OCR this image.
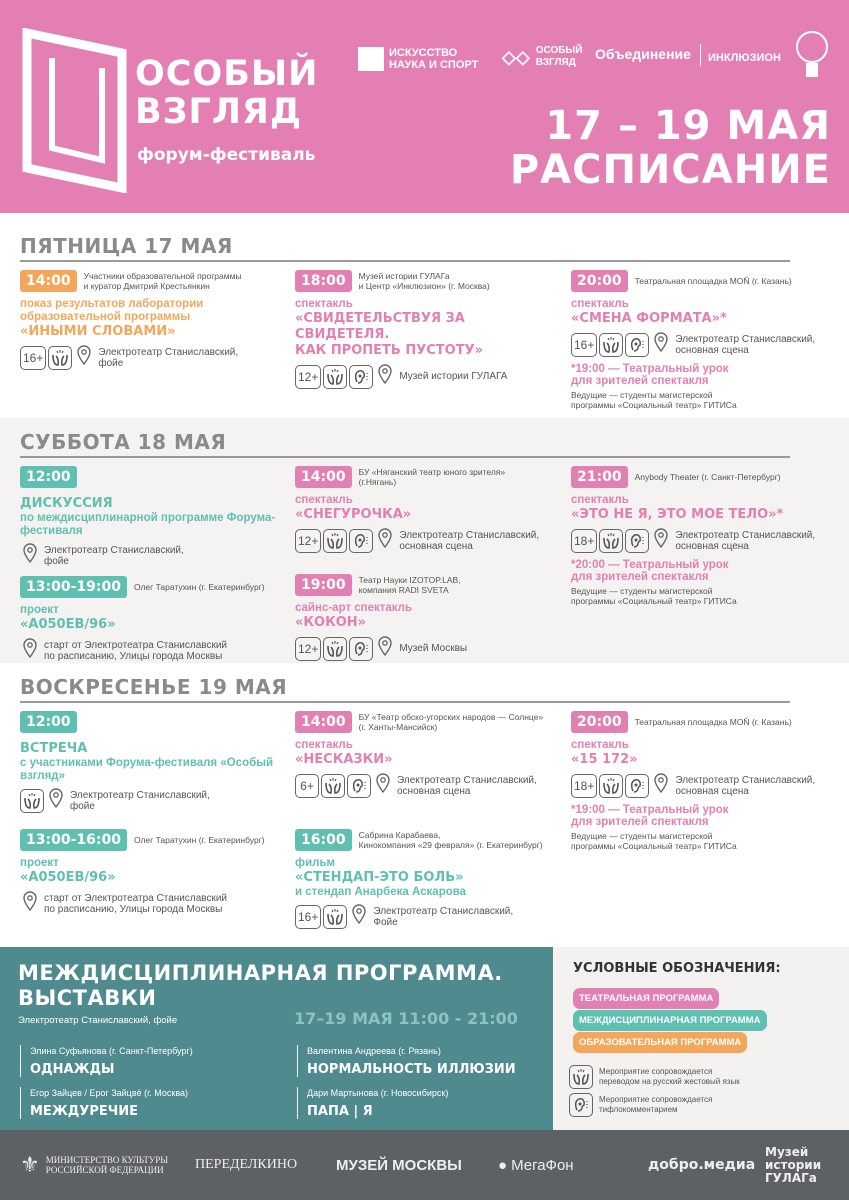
ОСОБЫЙ
ВЗГЛЯД
форум-фестиваль
ИСКУССТВО
НАУКА И СПОРТ ◇◇ ОСОБЫЙ
ВЗГЛЯД
Объединение ИНКЛЮЗИОН
17 – 19 МАЯ
РАСПИСАНИЕ
ПЯТНИЦА 17 МАЯ
14:00	Участники образовательной программы
и куратор Дмитрий Крестьянкин
показ результатов лаборатории
образовательной программы
«ИНЫМИ СЛОВАМИ»
16+	Электротеатр Станиславский,
фойе
18:00	Музей истории ГУЛАГа
и Центр «Инклюзион» (г. Москва)
спектакль
«СВИДЕТЕЛЬСТВУЯ ЗА СВИДЕТЕЛЯ.
КАК ПРОПЕТЬ ПУСТОТУ»
12+	Музей истории ГУЛАГА
20:00	Театральная площадка MOŇ (г. Казань)
спектакль
«СМЕНА ФОРМАТА»*
16+	Электротеатр Станиславский,
основная сцена
*19:00 — Театральный урок
для зрителей спектакля
Ведущие — студенты магистерской
программы «Социальный театр» ГИТИСа
СУББОТА 18 МАЯ
12:00
ДИСКУССИЯ
по междисциплинарной программе Форума-фестиваля
Электротеатр Станиславский,
фойе
13:00-19:00	Олег Таратухин (г. Екатеринбург)
проект
«А050ЕВ/96»
старт от Электротеатра Станиславский
по расписанию, Улицы города Москвы
14:00	БУ «Няганский театр юного зрителя»
(г.Нягань)
спектакль
«СНЕГУРОЧКА»
12+	Электротеатр Станиславский,
основная сцена
19:00	Театр Науки IZOTOP.LAB,
компания RADI SVETA
сайнс-арт спектакль
«КОКОН»
12+	Музей Москвы
21:00	Anybody Theater (г. Санкт-Петербург)
спектакль
«ЭТО НЕ Я, ЭТО МОЕ ТЕЛО»*
18+	Электротеатр Станиславский,
основная сцена
*20:00 — Театральный урок
для зрителей спектакля
Ведущие — студенты магистерской
программы «Социальный театр» ГИТИСа
ВОСКРЕСЕНЬЕ 19 МАЯ
12:00
ВСТРЕЧА
с участниками Форума-фестиваля «Особый взгляд»
Электротеатр Станиславский,
фойе
13:00-16:00	Олег Таратухин (г. Екатеринбург)
проект
«А050ЕВ/96»
старт от Электротеатра Станиславский
по расписанию, Улицы города Москвы
14:00	БУ «Театр обско-угорских народов — Солнце»
(г. Ханты-Мансийск)
спектакль
«НЕСКАЗКИ»
6+	Электротеатр Станиславский,
основная сцена
16:00	Сабрина Карабаева,
Кинокомпания «29 февраля» (г. Екатеринбург)
фильм
«СТЕНДАП-ЭТО БОЛЬ»
и стендап Анарбека Аскарова
16+	Электротеатр Станиславский,
Фойе
20:00	Театральная площадка MOŇ (г. Казань)
спектакль
«15 172»
18+	Электротеатр Станиславский,
основная сцена
*19:00 — Театральный урок
для зрителей спектакля
Ведущие — студенты магистерской
программы «Социальный театр» ГИТИСа
МЕЖДИСЦИПЛИНАРНАЯ ПРОГРАММА.
ВЫСТАВКИ
Электротеатр Станиславский, фойе	17–19 МАЯ 11:00 - 21:00
Элина Суфьянова (г. Санкт-Петербург)
ОДНАЖДЫ
Валентина Андреева (г. Рязань)
НОРМАЛЬНОСТЬ ИЛЛЮЗИИ
Егор Зайцев / Ерог Зайцвё (г. Москва)
МЕЖДУРЕЧИЕ
Дари Мартынова (г. Новосибирск)
ПАПА | Я
УСЛОВНЫЕ ОБОЗНАЧЕНИЯ:
ТЕАТРАЛЬНАЯ ПРОГРАММА
МЕЖДИСЦИПЛИНАРНАЯ ПРОГРАММА
ОБРАЗОВАТЕЛЬНАЯ ПРОГРАММА
Мероприятие сопровождается
переводом на русский жестовый язык
Мероприятие сопровождается
тифлокомментарием
⚜ МИНИСТЕРСТВО КУЛЬТУРЫ
РОССИЙСКОЙ ФЕДЕРАЦИИ	ПЕРЕДЕЛКИНО	МУЗЕЙ МОСКВЫ ● МегаФон	добро.медиа
Музей
истории
ГУЛАГа
